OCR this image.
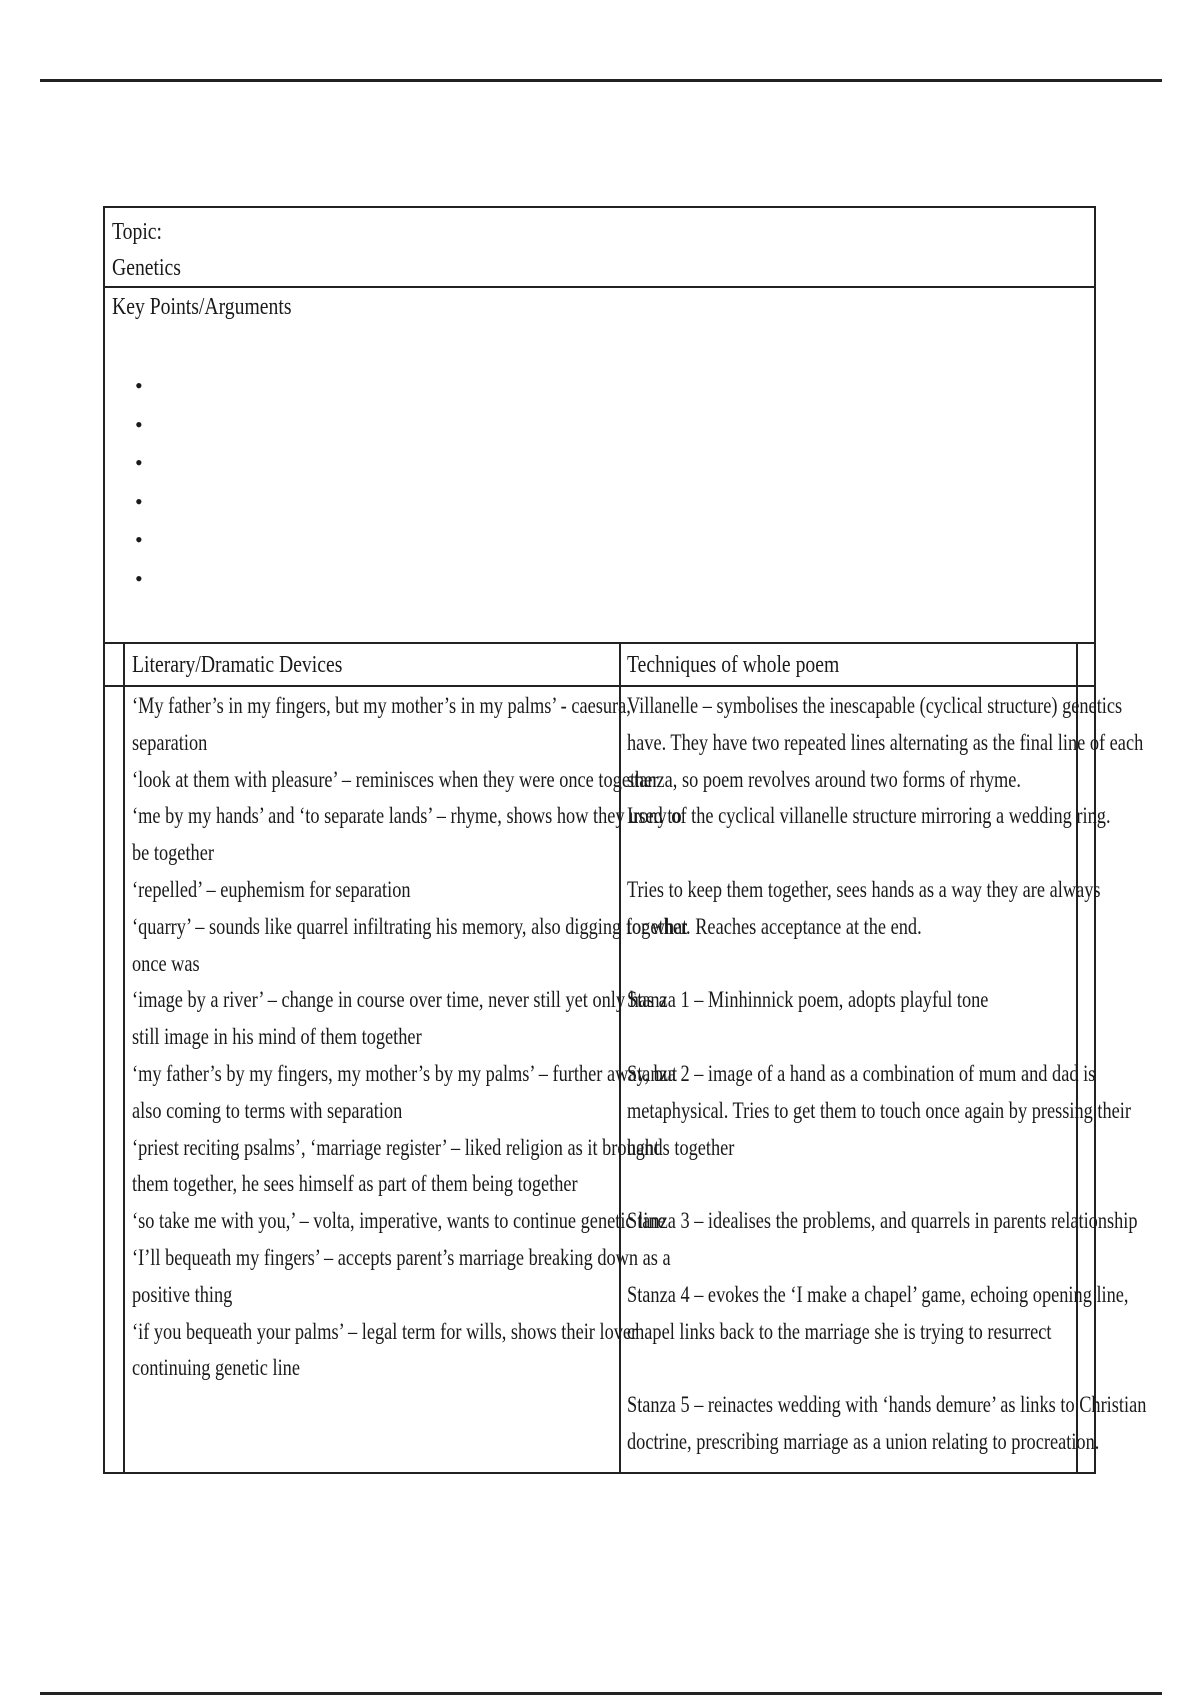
Topic:
Genetics
Key Points/Arguments
•
•
•
•
•
•
Literary/Dramatic Devices	Techniques of whole poem
‘My father’s in my fingers, but my mother’s in my palms’ - caesura,
separation
‘look at them with pleasure’ – reminisces when they were once together
‘me by my hands’ and ‘to separate lands’ – rhyme, shows how they used to
be together
‘repelled’ – euphemism for separation
‘quarry’ – sounds like quarrel infiltrating his memory, also digging for what
once was
‘image by a river’ – change in course over time, never still yet only has a
still image in his mind of them together
‘my father’s by my fingers, my mother’s by my palms’ – further away, but
also coming to terms with separation
‘priest reciting psalms’, ‘marriage register’ – liked religion as it brought
them together, he sees himself as part of them being together
‘so take me with you,’ – volta, imperative, wants to continue genetic line
‘I’ll bequeath my fingers’ – accepts parent’s marriage breaking down as a
positive thing
‘if you bequeath your palms’ – legal term for wills, shows their lover
continuing genetic line
Villanelle – symbolises the inescapable (cyclical structure) genetics
have. They have two repeated lines alternating as the final line of each
stanza, so poem revolves around two forms of rhyme.
Irony of the cyclical villanelle structure mirroring a wedding ring.
Tries to keep them together, sees hands as a way they are always
together. Reaches acceptance at the end.
Stanza 1 – Minhinnick poem, adopts playful tone
Stanza 2 – image of a hand as a combination of mum and dad is
metaphysical. Tries to get them to touch once again by pressing their
hands together
Stanza 3 – idealises the problems, and quarrels in parents relationship
Stanza 4 – evokes the ‘I make a chapel’ game, echoing opening line,
chapel links back to the marriage she is trying to resurrect
Stanza 5 – reinactes wedding with ‘hands demure’ as links to Christian
doctrine, prescribing marriage as a union relating to procreation.
